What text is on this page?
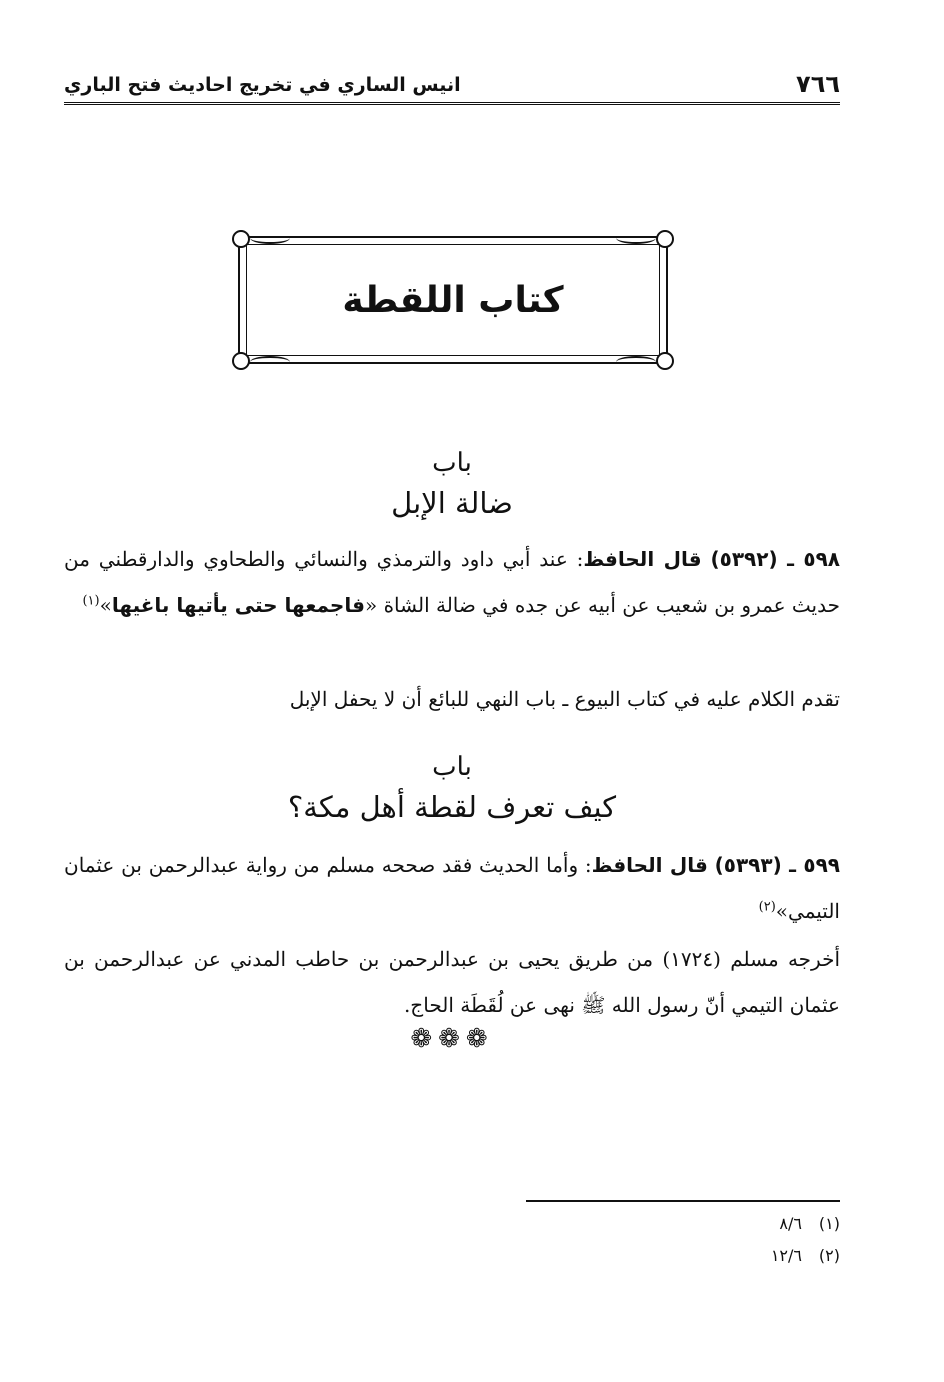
٧٦٦
انيس الساري في تخريج احاديث فتح الباري
كتاب اللقطة
باب
ضالة الإبل
٥٩٨ ـ (٥٣٩٢) قال الحافظ: عند أبي داود والترمذي والنسائي والطحاوي والدارقطني من حديث عمرو بن شعيب عن أبيه عن جده في ضالة الشاة «فاجمعها حتى يأتيها باغيها»$^{(١)}$
تقدم الكلام عليه في كتاب البيوع ـ باب النهي للبائع أن لا يحفل الإبل
باب
كيف تعرف لقطة أهل مكة؟
٥٩٩ ـ (٥٣٩٣) قال الحافظ: وأما الحديث فقد صححه مسلم من رواية عبدالرحمن بن عثمان التيمي»$^{(٢)}$
أخرجه مسلم (١٧٢٤) من طريق يحيى بن عبدالرحمن بن حاطب المدني عن عبدالرحمن بن عثمان التيمي أنّ رسول الله ﷺ نهى عن لُقَطَة الحاج.
❁❁❁
(١)٨/٦
(٢)١٢/٦
